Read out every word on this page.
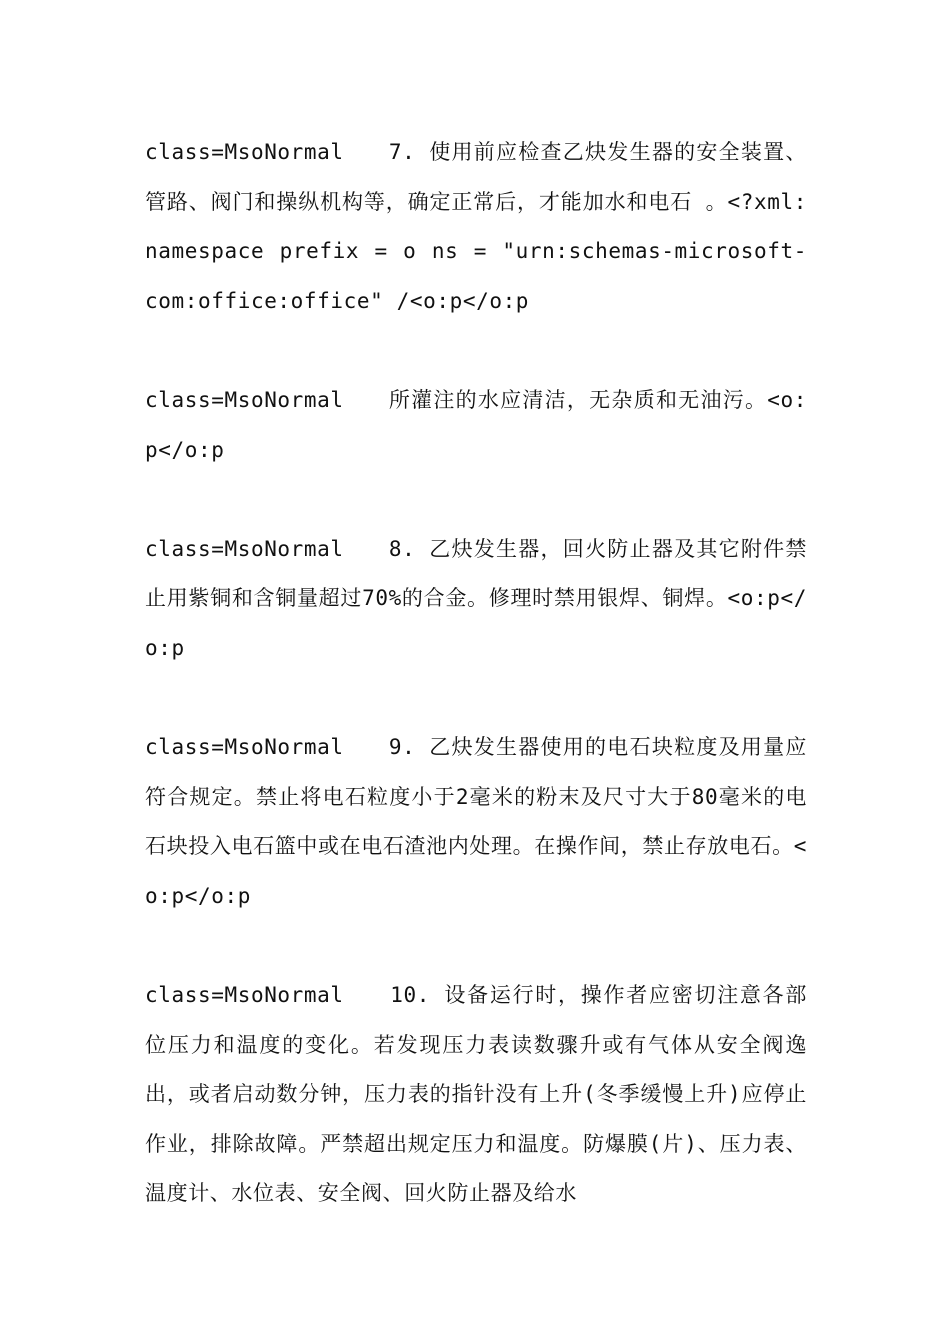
class=MsoNormal　　7. 使用前应检查乙炔发生器的安全装置、管路、阀门和操纵机构等，确定正常后，才能加水和电石 。<?xml:namespace prefix = o ns = "urn:schemas-microsoft-com:office:office" /<o:p</o:p

class=MsoNormal　　所灌注的水应清洁，无杂质和无油污。<o:p</o:p

class=MsoNormal　　8. 乙炔发生器，回火防止器及其它附件禁止用紫铜和含铜量超过70%的合金。修理时禁用银焊、铜焊。<o:p</o:p

class=MsoNormal　　9. 乙炔发生器使用的电石块粒度及用量应符合规定。禁止将电石粒度小于2毫米的粉末及尺寸大于80毫米的电石块投入电石篮中或在电石渣池内处理。在操作间，禁止存放电石。<o:p</o:p

class=MsoNormal　　10. 设备运行时，操作者应密切注意各部位压力和温度的变化。若发现压力表读数骤升或有气体从安全阀逸出，或者启动数分钟，压力表的指针没有上升(冬季缓慢上升)应停止作业，排除故障。严禁超出规定压力和温度。防爆膜(片)、压力表、温度计、水位表、安全阀、回火防止器及给水
